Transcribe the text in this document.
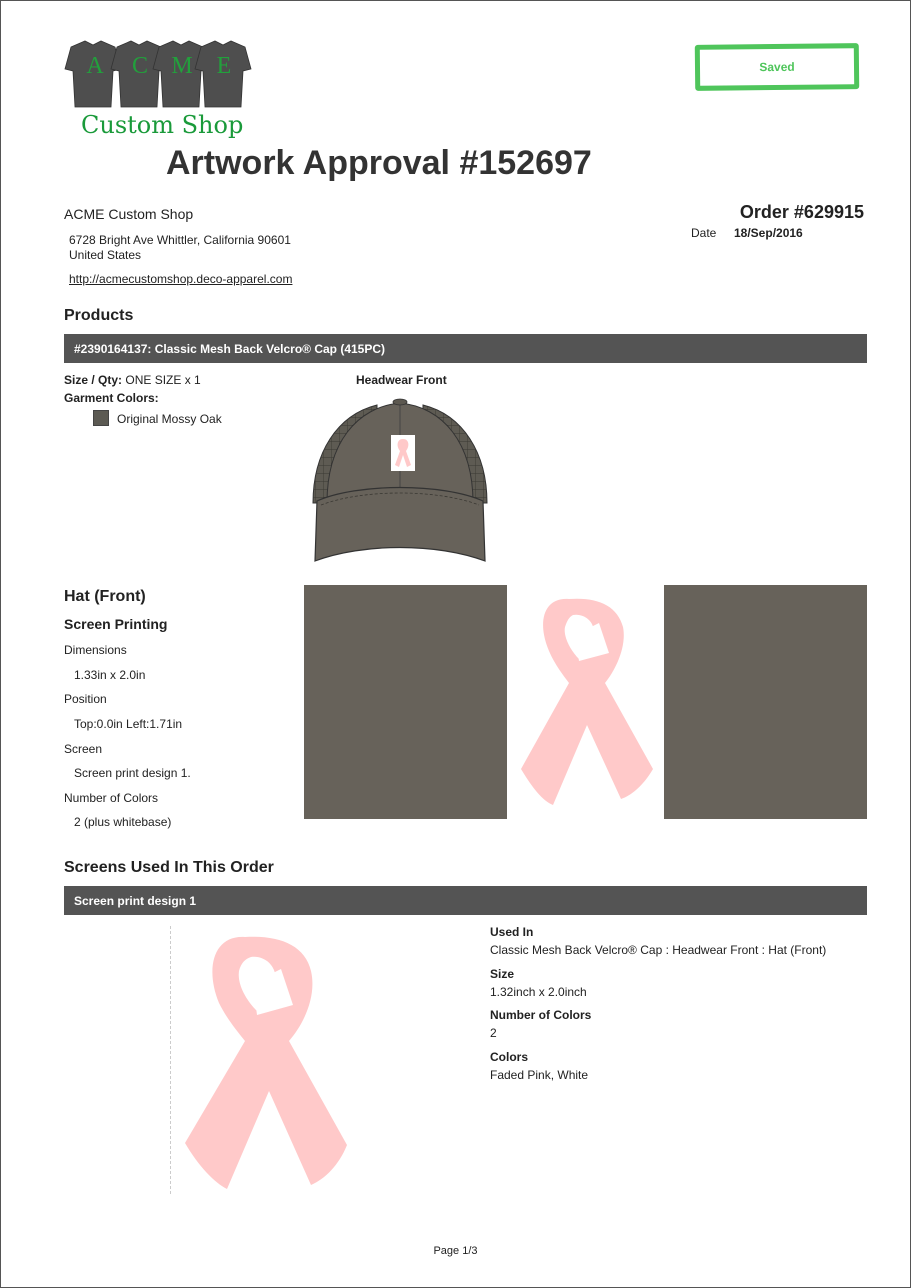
A C M E
Custom Shop
Saved
Artwork Approval #152697
ACME Custom Shop
6728 Bright Ave Whittler, California 90601
United States
http://acmecustomshop.deco-apparel.com
Order #629915
Date 18/Sep/2016
Products
#2390164137: Classic Mesh Back Velcro® Cap (415PC)
Size / Qty: ONE SIZE x 1
Garment Colors:
Original Mossy Oak
Headwear Front
Hat (Front)
Screen Printing
Dimensions
1.33in x 2.0in
Position
Top:0.0in Left:1.71in
Screen
Screen print design 1.
Number of Colors
2 (plus whitebase)
Screens Used In This Order
Screen print design 1
Used In
Classic Mesh Back Velcro® Cap : Headwear Front : Hat (Front)
Size
1.32inch x 2.0inch
Number of Colors
2
Colors
Faded Pink, White
Page 1/3
